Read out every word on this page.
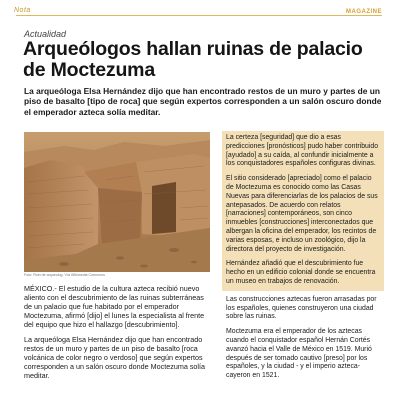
Nota	MAGAZINE
Actualidad
Arqueólogos hallan ruinas de palacio de Moctezuma

La arqueóloga Elsa Hernández dijo que han encontrado restos de un muro y partes de un piso de basalto [tipo de roca] que según expertos corresponden a un salón oscuro donde el emperador azteca solía meditar.

Foto: Ruin de arqueolog. Vía Wikimedia Commons

MÉXICO.- El estudio de la cultura azteca recibió nuevo aliento con el descubrimiento de las ruinas subterráneas de un palacio que fue habitado por el emperador Moctezuma, afirmó [dijo] el lunes la especialista al frente del equipo que hizo el hallazgo [descubrimiento].

La arqueóloga Elsa Hernández dijo que han encontrado restos de un muro y partes de un piso de basalto [roca volcánica de color negro o verdoso] que según expertos corresponden a un salón oscuro donde Moctezuma solía meditar.

La certeza [seguridad] que dio a esas predicciones [pronósticos] pudo haber contribuido [ayudado] a su caída, al confundir inicialmente a los conquistadores españoles configuras divinas.

El sitio considerado [apreciado] como el palacio de Moctezuma es conocido como las Casas Nuevas para diferenciarlas de los palacios de sus antepasados. De acuerdo con relatos [narraciones] contemporáneos, son cinco inmuebles [construcciones] interconectados que albergan la oficina del emperador, los recintos de varias esposas, e incluso un zoológico, dijo la directora del proyecto de investigación.

Hernández añadió que el descubrimiento fue hecho en un edificio colonial donde se encuentra un museo en trabajos de renovación.

Las construcciones aztecas fueron arrasadas por los españoles, quienes construyeron una ciudad sobre las ruinas.

Moctezuma era el emperador de los aztecas cuando el conquistador español Hernán Cortés avanzó hacia el Valle de México en 1519. Murió después de ser tomado cautivo [preso] por los españoles, y la ciudad - y el imperio azteca- cayeron en 1521.
